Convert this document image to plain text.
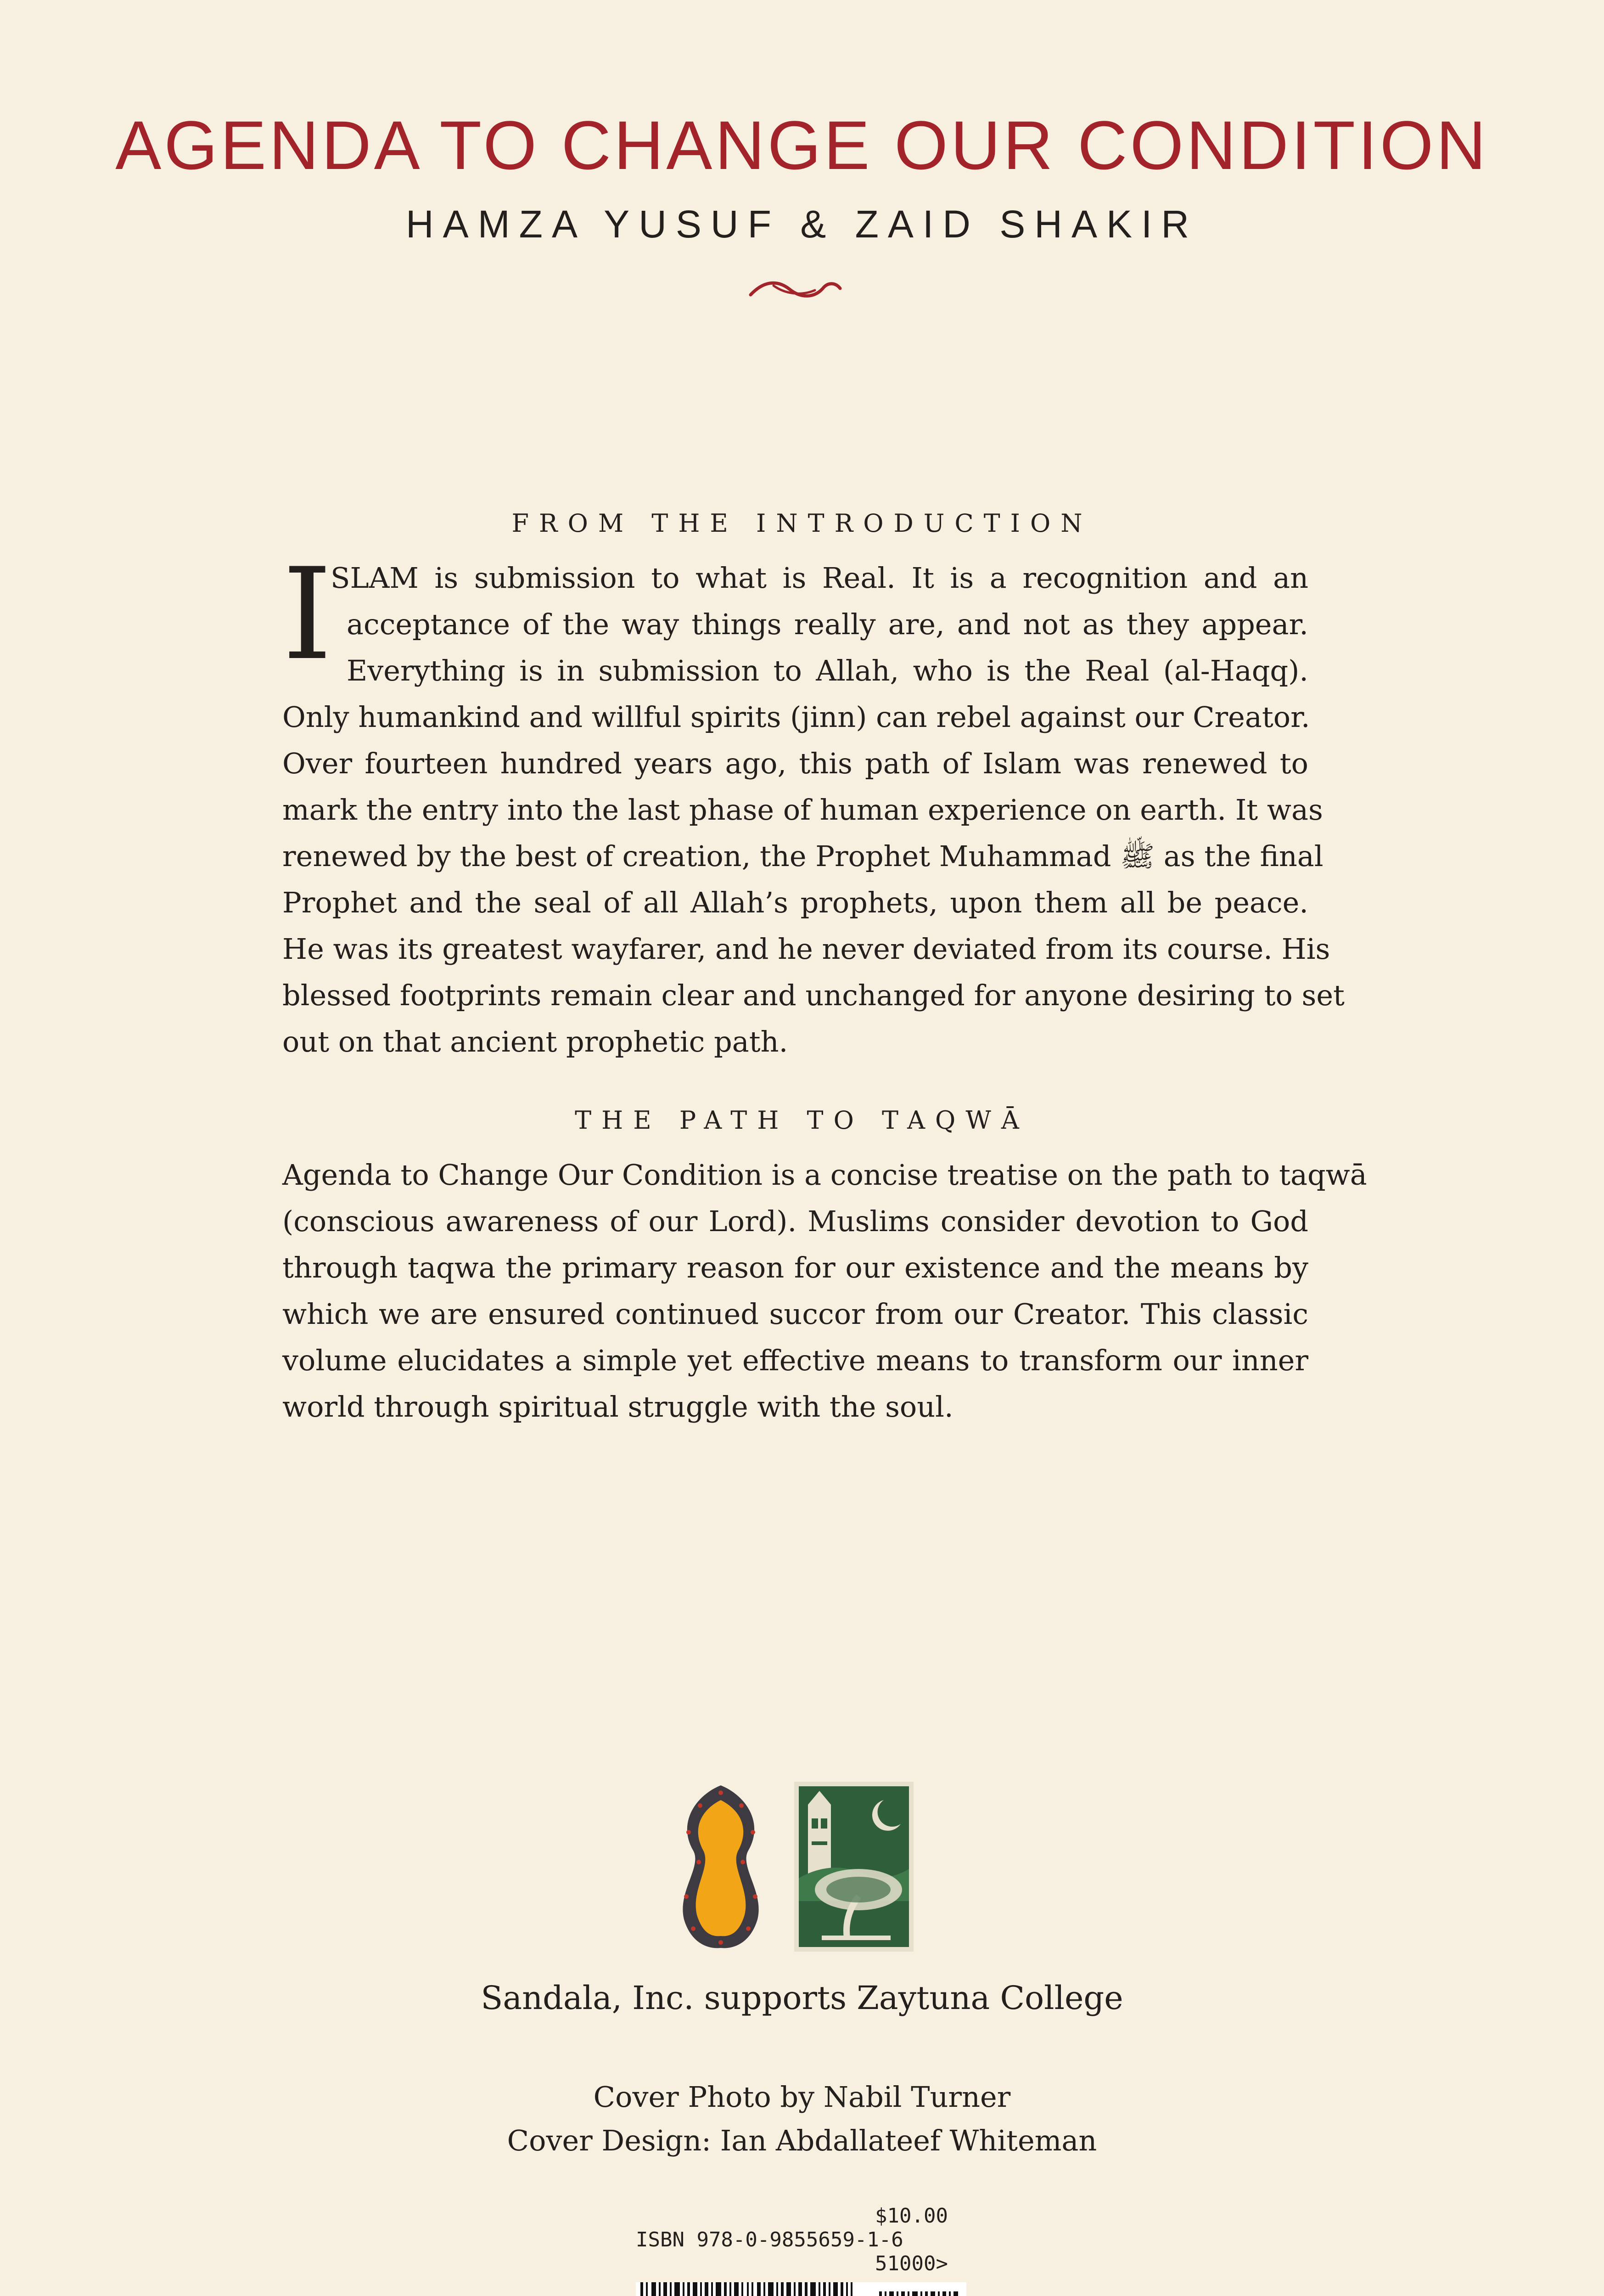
AGENDA TO CHANGE OUR CONDITION
HAMZA YUSUF & ZAID SHAKIR
FROM THE INTRODUCTION
I
SLAM is submission to what is Real. It is a recognition and an
acceptance of the way things really are, and not as they appear.
Everything is in submission to Allah, who is the Real (al-Haqq).
Only humankind and willful spirits (jinn) can rebel against our Creator.
Over fourteen hundred years ago, this path of Islam was renewed to
mark the entry into the last phase of human experience on earth. It was
renewed by the best of creation, the Prophet Muhammad ﷺ as the final
Prophet and the seal of all Allah’s prophets, upon them all be peace.
He was its greatest wayfarer, and he never deviated from its course. His
blessed footprints remain clear and unchanged for anyone desiring to set
out on that ancient prophetic path.
THE PATH TO TAQWĀ
Agenda to Change Our Condition is a concise treatise on the path to taqwā
(conscious awareness of our Lord). Muslims consider devotion to God
through taqwa the primary reason for our existence and the means by
which we are ensured continued succor from our Creator. This classic
volume elucidates a simple yet effective means to transform our inner
world through spiritual struggle with the soul.
Sandala, Inc. supports Zaytuna College
Cover Photo by Nabil Turner
Cover Design: Ian Abdallateef Whiteman
$10.00
ISBN 978-0-9855659-1-6
51000>
